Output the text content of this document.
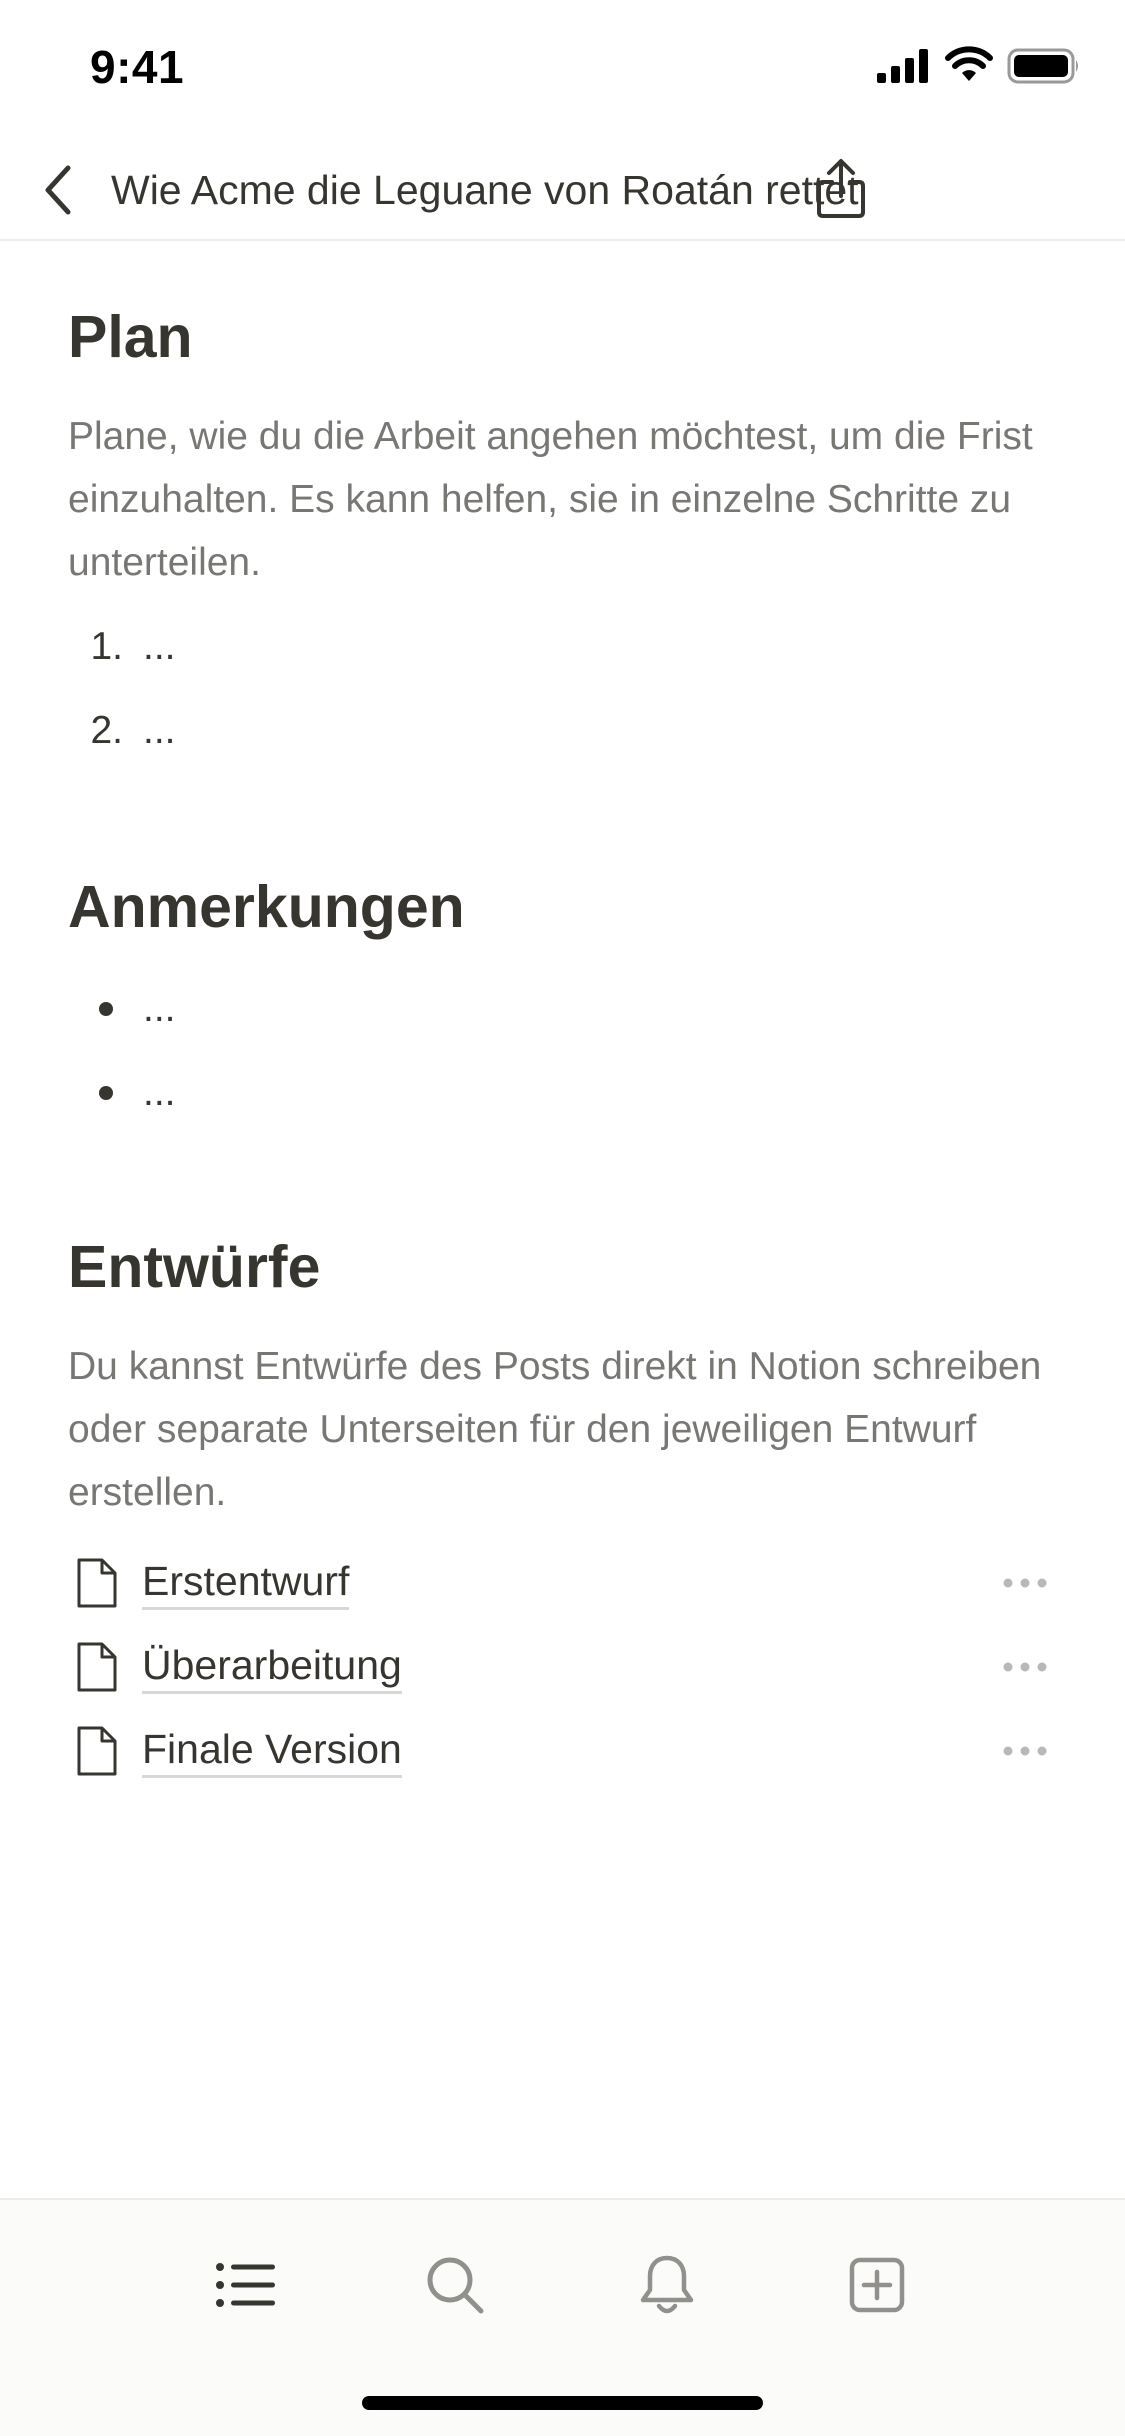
9:41
Wie Acme die Leguane von Roatán rettet
Plan
Plane, wie du die Arbeit angehen möchtest, um die Frist einzuhalten. Es kann helfen, sie in einzelne Schritte zu unterteilen.
1. ...
2. ...
Anmerkungen
...
...
Entwürfe
Du kannst Entwürfe des Posts direkt in Notion schreiben oder separate Unterseiten für den jeweiligen Entwurf erstellen.
Erstentwurf
Überarbeitung
Finale Version
